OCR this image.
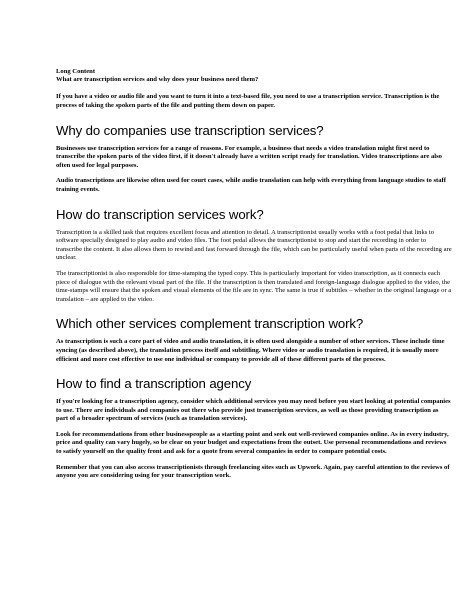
Long Content
What are transcription services and why does your business need them?
If you have a video or audio file and you want to turn it into a text-based file, you need to use a transcription service. Transcription is the process of taking the spoken parts of the file and putting them down on paper.
Why do companies use transcription services?

Businesses use transcription services for a range of reasons. For example, a business that needs a video translation might first need to transcribe the spoken parts of the video first, if it doesn't already have a written script ready for translation. Video transcriptions are also often used for legal purposes.

Audio transcriptions are likewise often used for court cases, while audio translation can help with everything from language studies to staff training events.

How do transcription services work?

Transcription is a skilled task that requires excellent focus and attention to detail. A transcriptionist usually works with a foot pedal that links to software specially designed to play audio and video files. The foot pedal allows the transcriptionist to stop and start the recording in order to transcribe the content. It also allows them to rewind and fast forward through the file, which can be particularly useful when parts of the recording are unclear.

The transcriptionist is also responsible for time-stamping the typed copy. This is particularly important for video transcription, as it connects each piece of dialogue with the relevant visual part of the file. If the transcription is then translated and foreign-language dialogue applied to the video, the time-stamps will ensure that the spoken and visual elements of the file are in sync. The same is true if subtitles – whether in the original language or a translation – are applied to the video.

Which other services complement transcription work?

As transcription is such a core part of video and audio translation, it is often used alongside a number of other services. These include time syncing (as described above), the translation process itself and subtitling. Where video or audio translation is required, it is usually more efficient and more cost effective to use one individual or company to provide all of these different parts of the process.

How to find a transcription agency

If you're looking for a transcription agency, consider which additional services you may need before you start looking at potential companies to use. There are individuals and companies out there who provide just transcription services, as well as those providing transcription as part of a broader spectrum of services (such as translation services).

Look for recommendations from other businesspeople as a starting point and seek out well-reviewed companies online. As in every industry, price and quality can vary hugely, so be clear on your budget and expectations from the outset. Use personal recommendations and reviews to satisfy yourself on the quality front and ask for a quote from several companies in order to compare potential costs.

Remember that you can also access transcriptionists through freelancing sites such as Upwork. Again, pay careful attention to the reviews of anyone you are considering using for your transcription work.
